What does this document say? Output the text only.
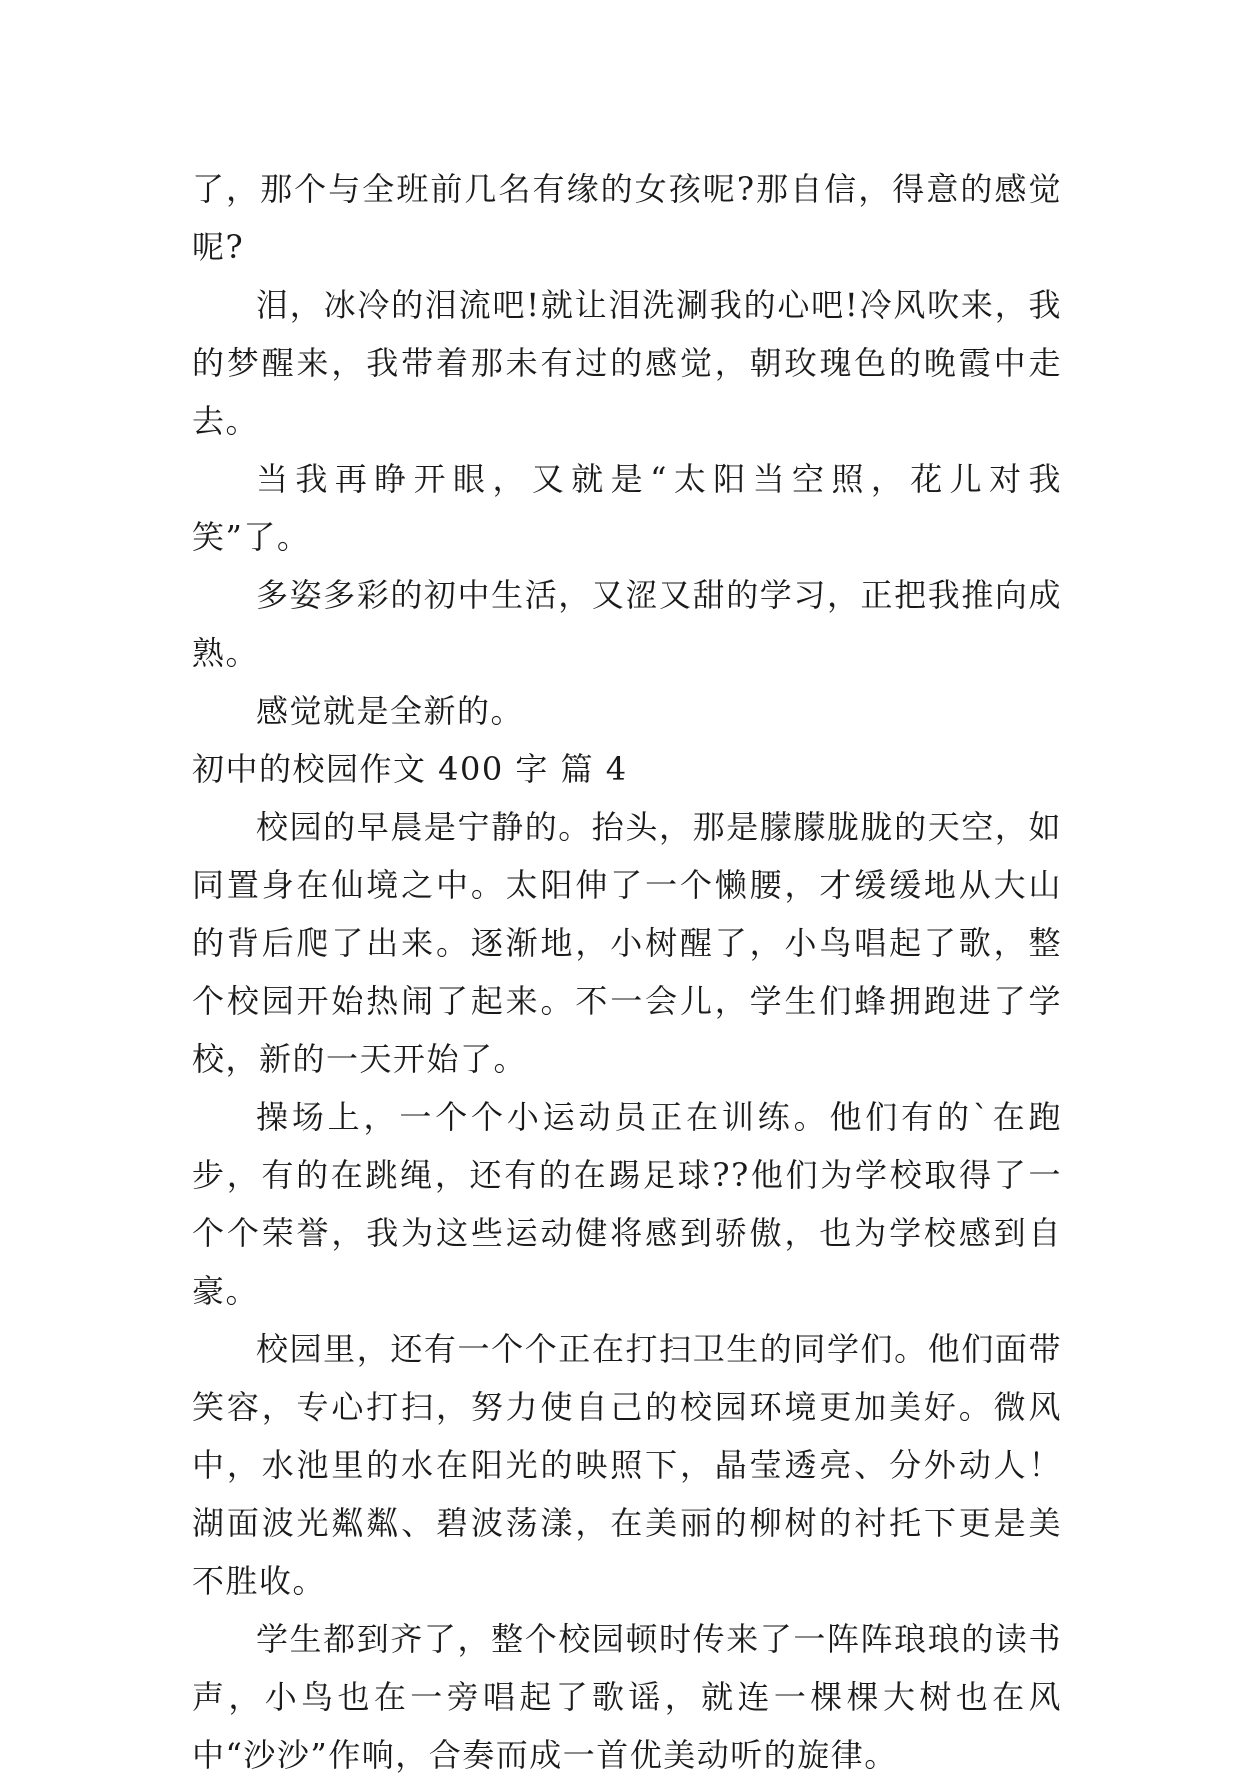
了，那个与全班前几名有缘的女孩呢?那自信，得意的感觉呢?

泪，冰冷的泪流吧!就让泪洗涮我的心吧!冷风吹来，我的梦醒来，我带着那未有过的感觉，朝玫瑰色的晚霞中走去。

当我再睁开眼，又就是“太阳当空照，花儿对我笑”了。

多姿多彩的初中生活，又涩又甜的学习，正把我推向成熟。

感觉就是全新的。

初中的校园作文 400 字 篇 4

校园的早晨是宁静的。抬头，那是朦朦胧胧的天空，如同置身在仙境之中。太阳伸了一个懒腰，才缓缓地从大山的背后爬了出来。逐渐地，小树醒了，小鸟唱起了歌，整个校园开始热闹了起来。不一会儿，学生们蜂拥跑进了学校，新的一天开始了。

操场上，一个个小运动员正在训练。他们有的`在跑步，有的在跳绳，还有的在踢足球??他们为学校取得了一个个荣誉，我为这些运动健将感到骄傲，也为学校感到自豪。

校园里，还有一个个正在打扫卫生的同学们。他们面带笑容，专心打扫，努力使自己的校园环境更加美好。微风中，水池里的水在阳光的映照下，晶莹透亮、分外动人！湖面波光粼粼、碧波荡漾，在美丽的柳树的衬托下更是美不胜收。

学生都到齐了，整个校园顿时传来了一阵阵琅琅的读书声，小鸟也在一旁唱起了歌谣，就连一棵棵大树也在风中“沙沙”作响，合奏而成一首优美动听的旋律。
